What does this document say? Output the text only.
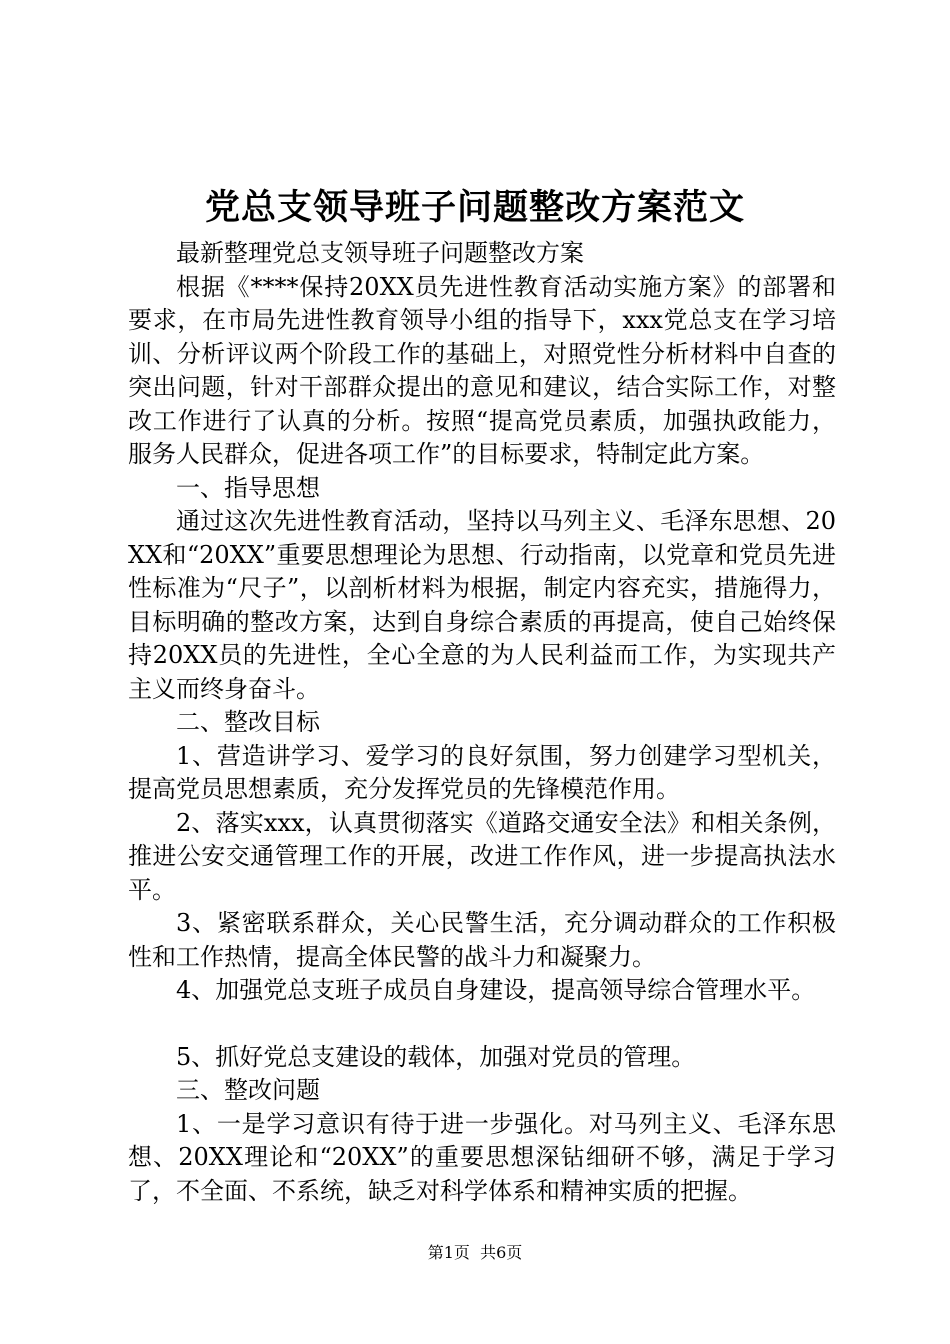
党总支领导班子问题整改方案范文

最新整理党总支领导班子问题整改方案

根据《****保持20XX员先进性教育活动实施方案》的部署和要求，在市局先进性教育领导小组的指导下，xxx党总支在学习培训、分析评议两个阶段工作的基础上，对照党性分析材料中自查的突出问题，针对干部群众提出的意见和建议，结合实际工作，对整改工作进行了认真的分析。按照“提高党员素质，加强执政能力，服务人民群众，促进各项工作”的目标要求，特制定此方案。

一、指导思想

通过这次先进性教育活动，坚持以马列主义、毛泽东思想、20XX和“20XX”重要思想理论为思想、行动指南，以党章和党员先进性标准为“尺子”，以剖析材料为根据，制定内容充实，措施得力，目标明确的整改方案，达到自身综合素质的再提高，使自己始终保持20XX员的先进性，全心全意的为人民利益而工作，为实现共产主义而终身奋斗。

二、整改目标

1、营造讲学习、爱学习的良好氛围，努力创建学习型机关，提高党员思想素质，充分发挥党员的先锋模范作用。

2、落实xxx，认真贯彻落实《道路交通安全法》和相关条例，推进公安交通管理工作的开展，改进工作作风，进一步提高执法水平。

3、紧密联系群众，关心民警生活，充分调动群众的工作积极性和工作热情，提高全体民警的战斗力和凝聚力。

4、加强党总支班子成员自身建设，提高领导综合管理水平。

5、抓好党总支建设的载体，加强对党员的管理。

三、整改问题

1、一是学习意识有待于进一步强化。对马列主义、毛泽东思想、20XX理论和“20XX”的重要思想深钻细研不够，满足于学习了，不全面、不系统，缺乏对科学体系和精神实质的把握。

第1页 共6页
